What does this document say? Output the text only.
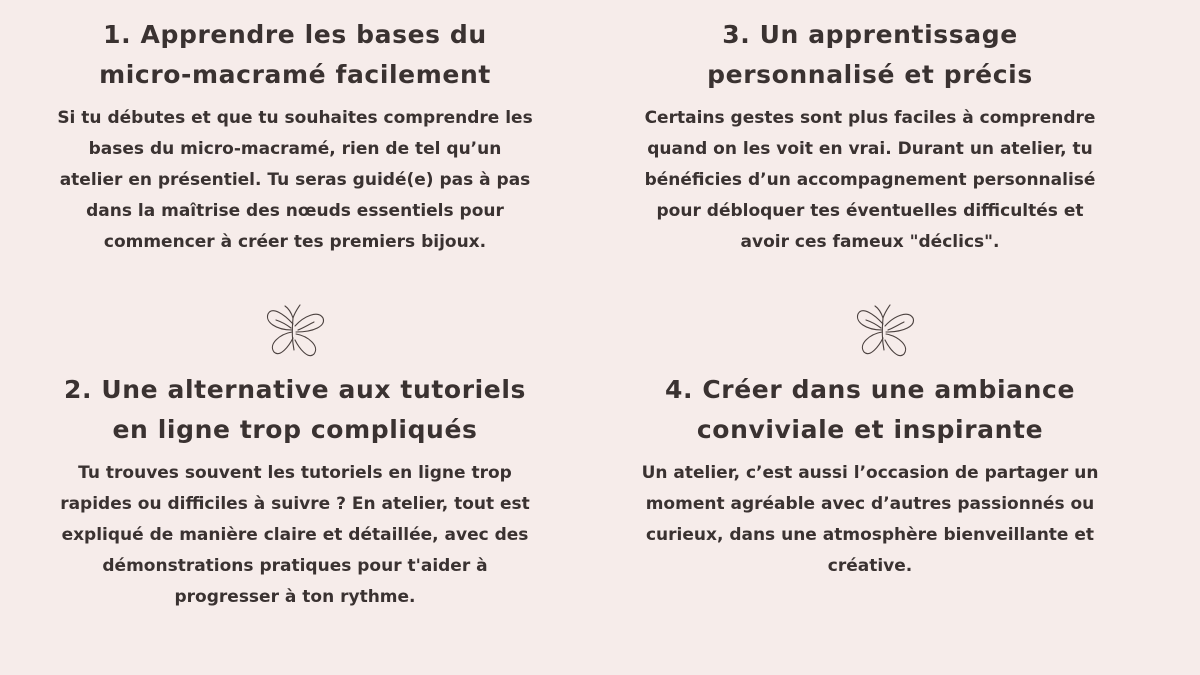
1. Apprendre les bases du micro-macramé facilement

Si tu débutes et que tu souhaites comprendre les bases du micro-macramé, rien de tel qu’un atelier en présentiel. Tu seras guidé(e) pas à pas dans la maîtrise des nœuds essentiels pour commencer à créer tes premiers bijoux.

3. Un apprentissage personnalisé et précis

Certains gestes sont plus faciles à comprendre quand on les voit en vrai. Durant un atelier, tu bénéficies d’un accompagnement personnalisé pour débloquer tes éventuelles difficultés et avoir ces fameux "déclics".

2. Une alternative aux tutoriels en ligne trop compliqués

Tu trouves souvent les tutoriels en ligne trop rapides ou difficiles à suivre ? En atelier, tout est expliqué de manière claire et détaillée, avec des démonstrations pratiques pour t'aider à progresser à ton rythme.

4. Créer dans une ambiance conviviale et inspirante

Un atelier, c’est aussi l’occasion de partager un moment agréable avec d’autres passionnés ou curieux, dans une atmosphère bienveillante et créative.
